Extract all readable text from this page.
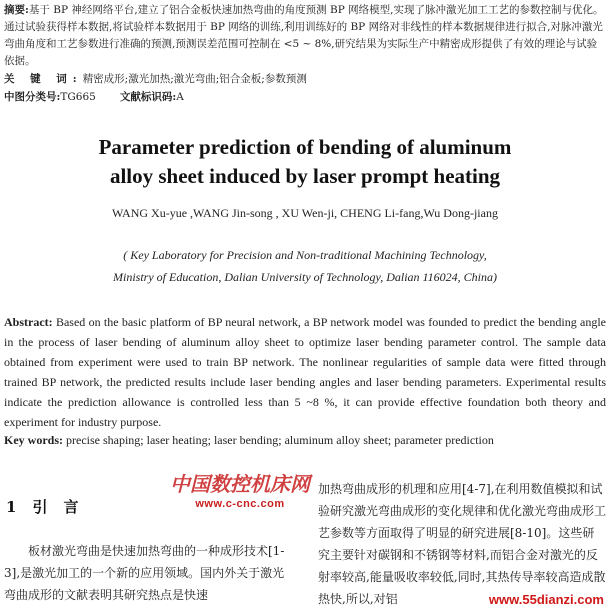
摘要:基于 BP 神经网络平台,建立了铝合金板快速加热弯曲的角度预测 BP 网络模型,实现了脉冲激光加工工艺的参数控制与优化。通过试验获得样本数据,将试验样本数据用于 BP 网络的训练,利用训练好的 BP 网络对非线性的样本数据规律进行拟合,对脉冲激光弯曲角度和工艺参数进行准确的预测,预测误差范围可控制在 <5 ~ 8%,研究结果为实际生产中精密成形提供了有效的理论与试验依据。
关 键 词:精密成形;激光加热;激光弯曲;铝合金板;参数预测
中图分类号:TG665 文献标识码:A
Parameter prediction of bending of aluminum
alloy sheet induced by laser prompt heating
WANG Xu-yue ,WANG Jin-song , XU Wen-ji, CHENG Li-fang,Wu Dong-jiang
( Key Laboratory for Precision and Non-traditional Machining Technology,
Ministry of Education, Dalian University of Technology, Dalian 116024, China)
Abstract: Based on the basic platform of BP neural network, a BP network model was founded to predict the bending angle in the process of laser bending of aluminum alloy sheet to optimize laser bending parameter control. The sample data obtained from experiment were used to train BP network. The nonlinear regularities of sample data were fitted through trained BP network, the predicted results include laser bending angles and laser bending parameters. Experimental results indicate the prediction allowance is controlled less than 5 ~8 %, it can provide effective foundation both theory and experiment for industry purpose.
Key words: precise shaping; laser heating; laser bending; aluminum alloy sheet; parameter prediction
中国数控机床网
www.c-cnc.com
1 引 言
板材激光弯曲是快速加热弯曲的一种成形技术[1-3],是激光加工的一个新的应用领域。国内外关于激光弯曲成形的文献表明其研究热点是快速
加热弯曲成形的机理和应用[4-7],在利用数值模拟和试验研究激光弯曲成形的变化规律和优化激光弯曲成形工艺参数等方面取得了明显的研究进展[8-10]。这些研究主要针对碳钢和不锈钢等材料,而铝合金对激光的反射率较高,能量吸收率较低,同时,其热传导率较高造成散热快,所以,对铝	www.55dianzi.com
